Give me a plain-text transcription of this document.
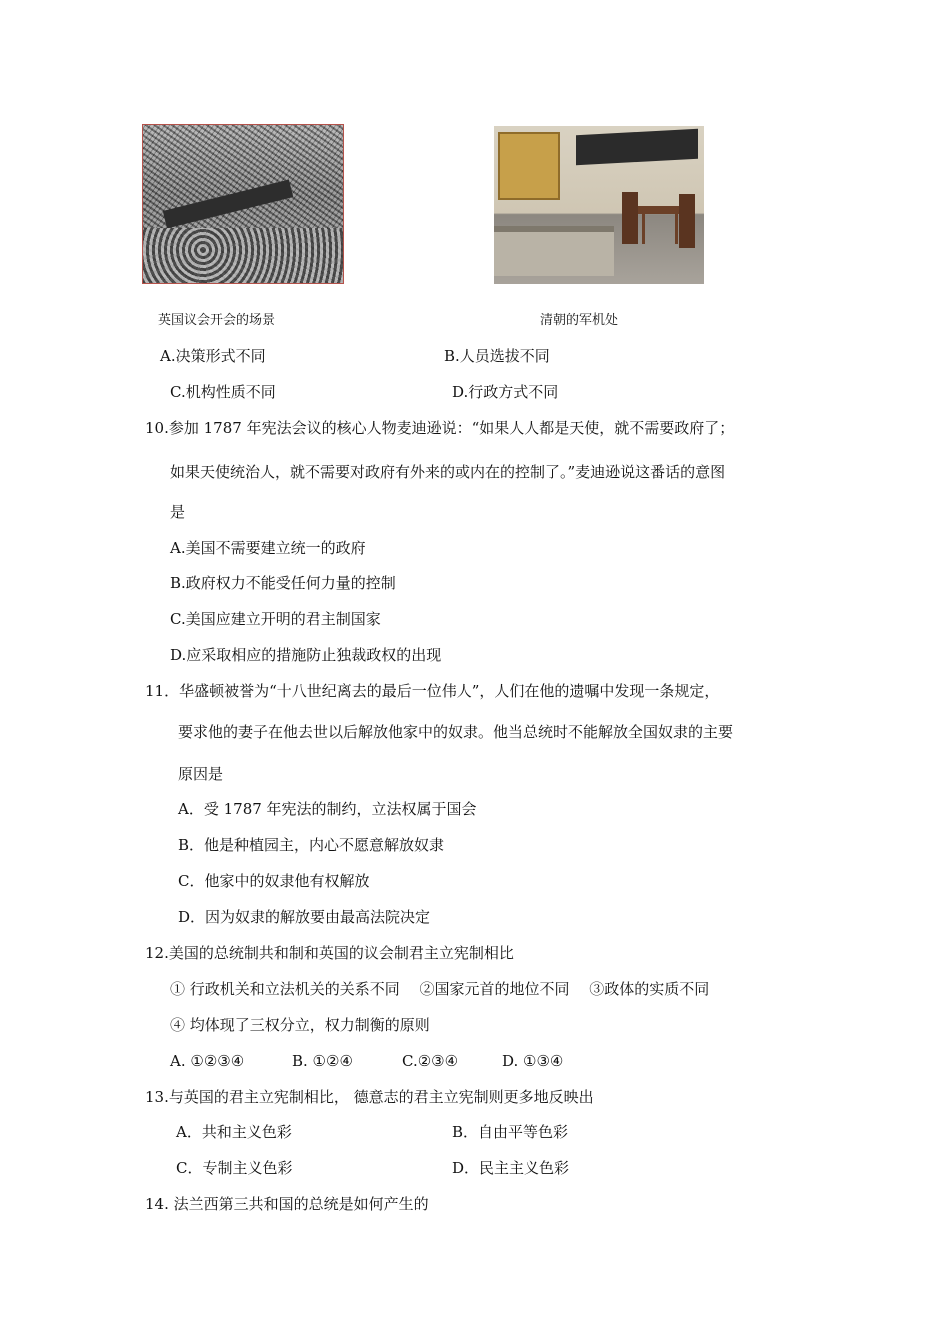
英国议会开会的场景	清朝的军机处
A.决策形式不同	B.人员选拔不同
C.机构性质不同	D.行政方式不同
10.参加 1787 年宪法会议的核心人物麦迪逊说：“如果人人都是天使，就不需要政府了；
如果天使统治人，就不需要对政府有外来的或内在的控制了。”麦迪逊说这番话的意图
是
A.美国不需要建立统一的政府
B.政府权力不能受任何力量的控制
C.美国应建立开明的君主制国家
D.应采取相应的措施防止独裁政权的出现
11．华盛顿被誉为“十八世纪离去的最后一位伟人”，人们在他的遗嘱中发现一条规定，
要求他的妻子在他去世以后解放他家中的奴隶。他当总统时不能解放全国奴隶的主要
原因是
A．受 1787 年宪法的制约，立法权属于国会
B．他是种植园主，内心不愿意解放奴隶
C．他家中的奴隶他有权解放
D．因为奴隶的解放要由最高法院决定
12.美国的总统制共和制和英国的议会制君主立宪制相比
① 行政机关和立法机关的关系不同　 ②国家元首的地位不同　 ③政体的实质不同
④ 均体现了三权分立，权力制衡的原则
A. ①②③④	B. ①②④	C.②③④	D. ①③④
13.与英国的君主立宪制相比， 德意志的君主立宪制则更多地反映出
A．共和主义色彩	B．自由平等色彩
C．专制主义色彩	D．民主主义色彩
14. 法兰西第三共和国的总统是如何产生的
